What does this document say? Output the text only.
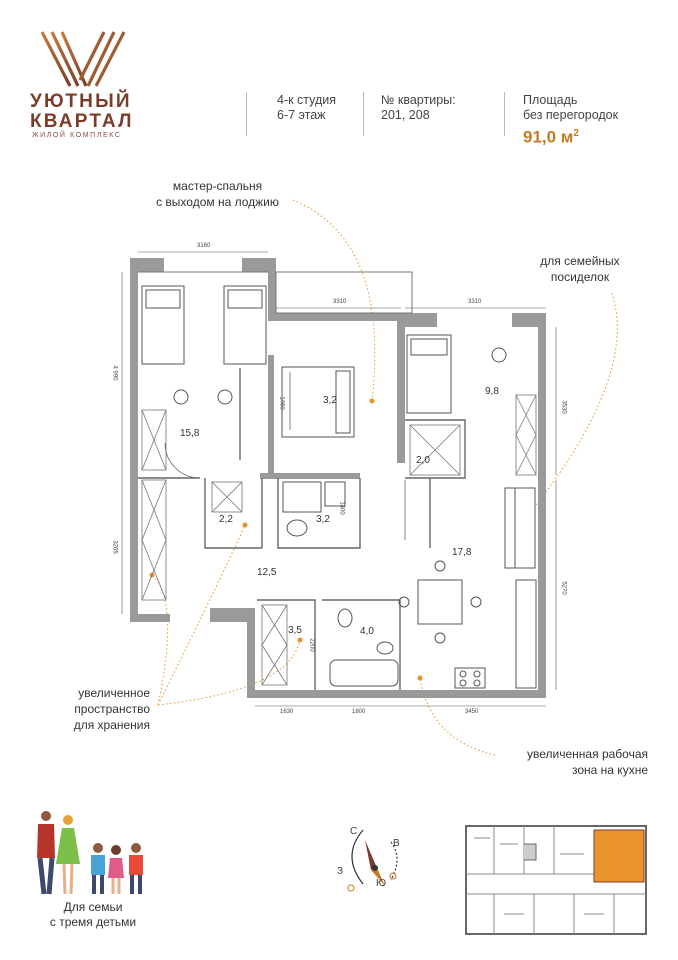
УЮТНЫЙ
КВАРТАЛ
ЖИЛОЙ КОМПЛЕКС
4-к студия
6-7 этаж
№ квартиры:
201, 208
Площадь
без перегородок
91,0 $м^2$
мастер-спальня
с выходом на лоджию
для семейных
посиделок
увеличенное
пространство
для хранения
увеличенная рабочая
зона на кухне
15,8
3,2
9,8
2,0
2,2	3,2
12,5
3,5	4,0
17,8
3160
3310	3310
4 990
3265
3530
5270
1630	1800	3450
1460
1400
2200
Для семьи
с тремя детьми
С
В
Ю
З
